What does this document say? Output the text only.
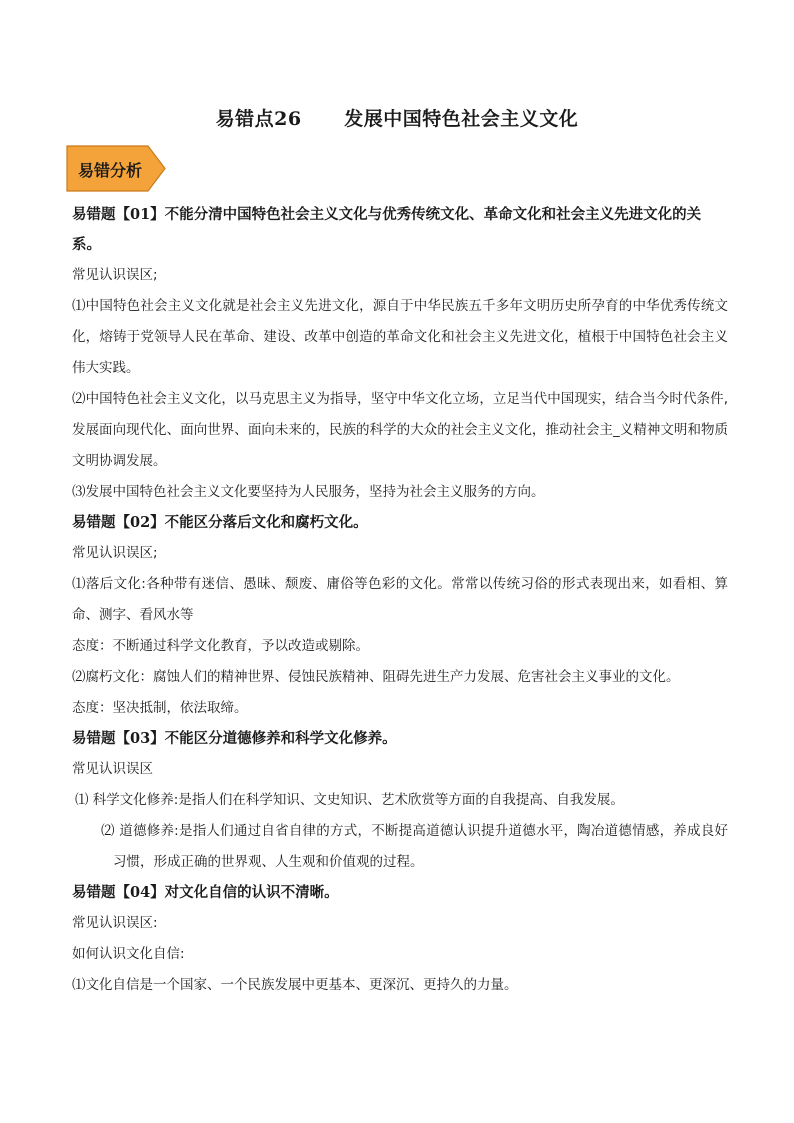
易错点26      发展中国特色社会主义文化
易错分析

易错题【01】不能分清中国特色社会主义文化与优秀传统文化、革命文化和社会主义先进文化的关系。

常见认识误区;

⑴中国特色社会主义文化就是社会主义先进文化，源自于中华民族五千多年文明历史所孕育的中华优秀传统文化，熔铸于党领导人民在革命、建设、改革中创造的革命文化和社会主义先进文化，植根于中国特色社会主义伟大实践。

⑵中国特色社会主义文化，以马克思主义为指导，坚守中华文化立场，立足当代中国现实，结合当今时代条件,发展面向现代化、面向世界、面向未来的，民族的科学的大众的社会主义文化，推动社会主_义精神文明和物质文明协调发展。

⑶发展中国特色社会主义文化要坚持为人民服务，坚持为社会主义服务的方向。

易错题【02】不能区分落后文化和腐朽文化。

常见认识误区;

⑴落后文化:各种带有迷信、愚昧、颓废、庸俗等色彩的文化。常常以传统习俗的形式表现出来，如看相、算命、测字、看风水等

态度：不断通过科学文化教育，予以改造或剔除。

⑵腐朽文化：腐蚀人们的精神世界、侵蚀民族精神、阻碍先进生产力发展、危害社会主义事业的文化。

态度：坚决抵制，依法取缔。

易错题【03】不能区分道德修养和科学文化修养。

常见认识误区

⑴ 科学文化修养:是指人们在科学知识、文史知识、艺术欣赏等方面的自我提高、自我发展。

⑵ 道德修养:是指人们通过自省自律的方式，不断提高道德认识提升道德水平，陶冶道德情感，养成良好习惯，形成正确的世界观、人生观和价值观的过程。

易错题【04】对文化自信的认识不清晰。

常见认识误区:

如何认识文化自信:

⑴文化自信是一个国家、一个民族发展中更基本、更深沉、更持久的力量。
